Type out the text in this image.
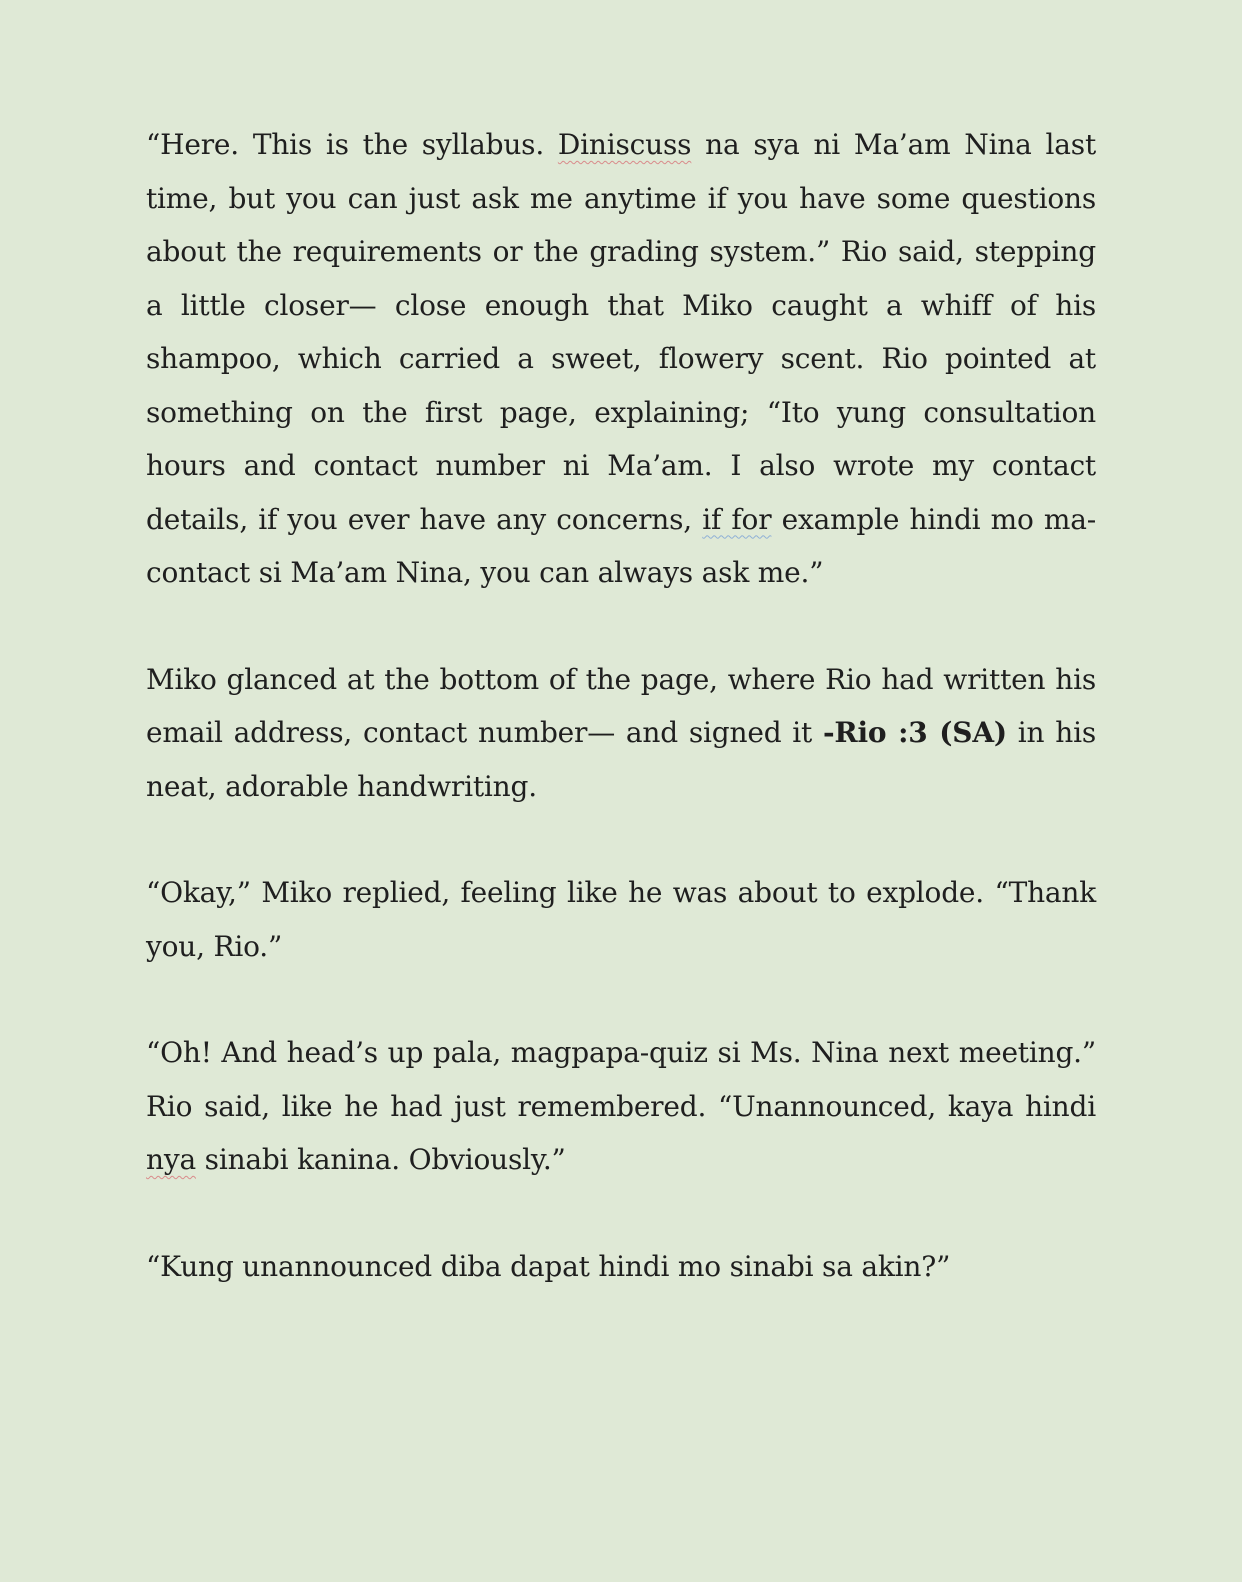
“Here. This is the syllabus. Diniscuss na sya ni Ma’am Nina last time, but you can just ask me anytime if you have some questions about the requirements or the grading system.” Rio said, stepping a little closer— close enough that Miko caught a whiff of his shampoo, which carried a sweet, flowery scent. Rio pointed at something on the first page, explaining; “Ito yung consultation hours and contact number ni Ma’am. I also wrote my contact details, if you ever have any concerns, if for example hindi mo ma-contact si Ma’am Nina, you can always ask me.”

Miko glanced at the bottom of the page, where Rio had written his email address, contact number— and signed it -Rio :3 (SA) in his neat, adorable handwriting.

“Okay,” Miko replied, feeling like he was about to explode. “Thank you, Rio.”

“Oh! And head’s up pala, magpapa-quiz si Ms. Nina next meeting.” Rio said, like he had just remembered. “Unannounced, kaya hindi nya sinabi kanina. Obviously.”

“Kung unannounced diba dapat hindi mo sinabi sa akin?”
